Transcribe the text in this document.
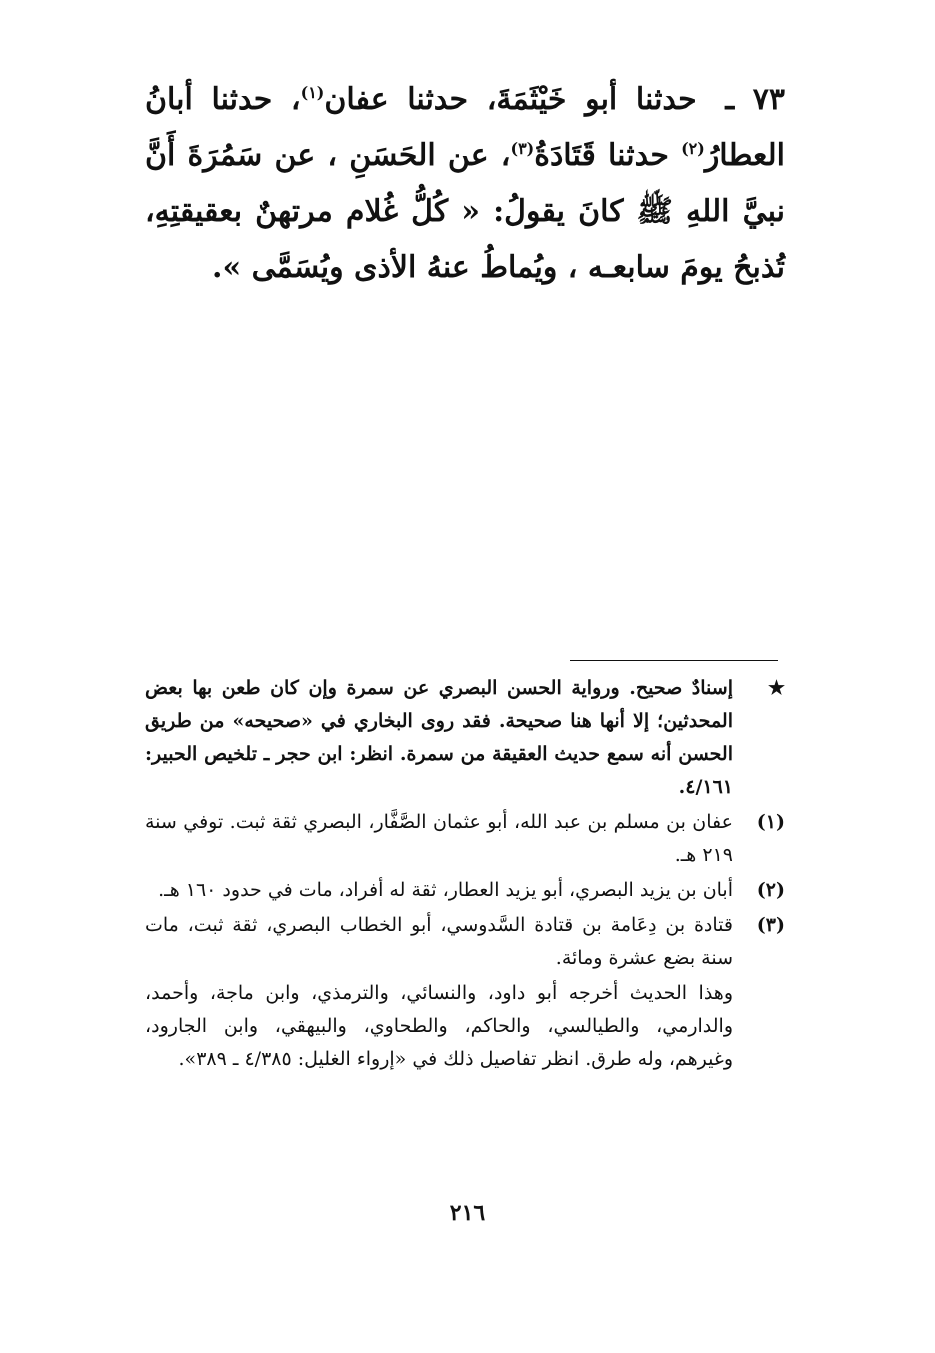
٧٣ ـ حدثنا أبو خَيْثَمَةَ، حدثنا عفان$^{(١)}$، حدثنا أبانُ العطارُ$^{(٢)}$ حدثنا قَتَادَةُ$^{(٣)}$، عن الحَسَنِ ، عن سَمُرَةَ أَنَّ نبيَّ اللهِ ﷺ كانَ يقولُ: « كُلُّ غُلام مرتهنٌ بعقيقتِهِ، تُذبحُ يومَ سابعـه ، ويُماطُ عنهُ الأذى ويُسَمَّى ».
★
إسنادٌ صحيح. ورواية الحسن البصري عن سمرة وإن كان طعن بها بعض المحدثين؛ إلا أنها هنا صحيحة. فقد روى البخاري في «صحيحه» من طريق الحسن أنه سمع حديث العقيقة من سمرة. انظر: ابن حجر ـ تلخيص الحبير: ٤/١٦١.
(١)
عفان بن مسلم بن عبد الله، أبو عثمان الصَّفَّار، البصري ثقة ثبت. توفي سنة ٢١٩ هـ.
(٢)
أبان بن يزيد البصري، أبو يزيد العطار، ثقة له أفراد، مات في حدود ١٦٠ هـ.
(٣)
قتادة بن دِعَامة بن قتادة السَّدوسي، أبو الخطاب البصري، ثقة ثبت، مات سنة بضع عشرة ومائة.
وهذا الحديث أخرجه أبو داود، والنسائي، والترمذي، وابن ماجة، وأحمد، والدارمي، والطيالسي، والحاكم، والطحاوي، والبيهقي، وابن الجارود، وغيرهم، وله طرق. انظر تفاصيل ذلك في «إرواء الغليل: ٤/٣٨٥ ـ ٣٨٩».
٢١٦
